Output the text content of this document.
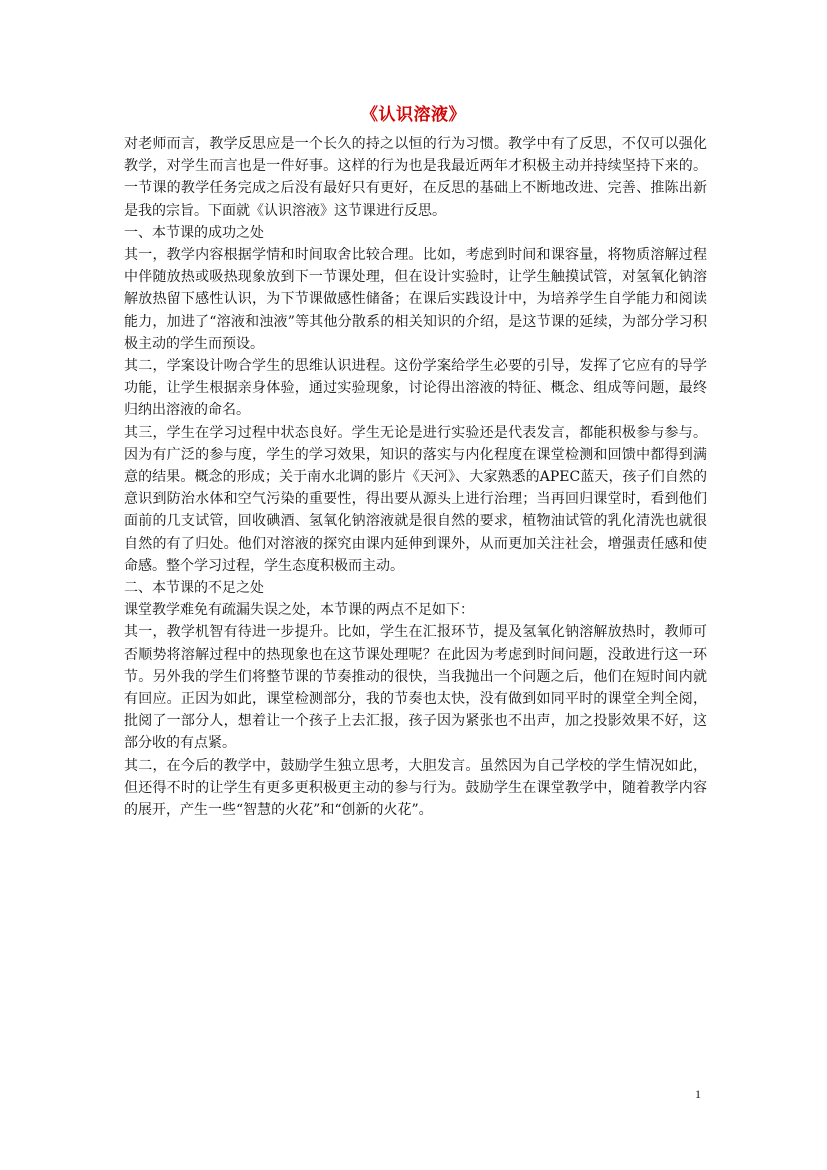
《认识溶液》

对老师而言，教学反思应是一个长久的持之以恒的行为习惯。教学中有了反思，不仅可以强化教学，对学生而言也是一件好事。这样的行为也是我最近两年才积极主动并持续坚持下来的。一节课的教学任务完成之后没有最好只有更好，在反思的基础上不断地改进、完善、推陈出新是我的宗旨。下面就《认识溶液》这节课进行反思。

一、本节课的成功之处

其一，教学内容根据学情和时间取舍比较合理。比如，考虑到时间和课容量，将物质溶解过程中伴随放热或吸热现象放到下一节课处理，但在设计实验时，让学生触摸试管，对氢氧化钠溶解放热留下感性认识，为下节课做感性储备；在课后实践设计中，为培养学生自学能力和阅读能力，加进了“溶液和浊液”等其他分散系的相关知识的介绍，是这节课的延续，为部分学习积极主动的学生而预设。

其二，学案设计吻合学生的思维认识进程。这份学案给学生必要的引导，发挥了它应有的导学功能，让学生根据亲身体验，通过实验现象，讨论得出溶液的特征、概念、组成等问题，最终归纳出溶液的命名。

其三，学生在学习过程中状态良好。学生无论是进行实验还是代表发言，都能积极参与参与。因为有广泛的参与度，学生的学习效果，知识的落实与内化程度在课堂检测和回馈中都得到满意的结果。概念的形成；关于南水北调的影片《天河》、大家熟悉的APEC蓝天，孩子们自然的意识到防治水体和空气污染的重要性，得出要从源头上进行治理；当再回归课堂时，看到他们面前的几支试管，回收碘酒、氢氧化钠溶液就是很自然的要求，植物油试管的乳化清洗也就很自然的有了归处。他们对溶液的探究由课内延伸到课外，从而更加关注社会，增强责任感和使命感。整个学习过程，学生态度积极而主动。

二、本节课的不足之处

课堂教学难免有疏漏失误之处，本节课的两点不足如下：

其一，教学机智有待进一步提升。比如，学生在汇报环节，提及氢氧化钠溶解放热时，教师可否顺势将溶解过程中的热现象也在这节课处理呢？在此因为考虑到时间问题，没敢进行这一环节。另外我的学生们将整节课的节奏推动的很快，当我抛出一个问题之后，他们在短时间内就有回应。正因为如此，课堂检测部分，我的节奏也太快，没有做到如同平时的课堂全判全阅，批阅了一部分人，想着让一个孩子上去汇报，孩子因为紧张也不出声，加之投影效果不好，这部分收的有点紧。

其二，在今后的教学中，鼓励学生独立思考，大胆发言。虽然因为自己学校的学生情况如此，但还得不时的让学生有更多更积极更主动的参与行为。鼓励学生在课堂教学中，随着教学内容的展开，产生一些“智慧的火花”和“创新的火花”。

1
